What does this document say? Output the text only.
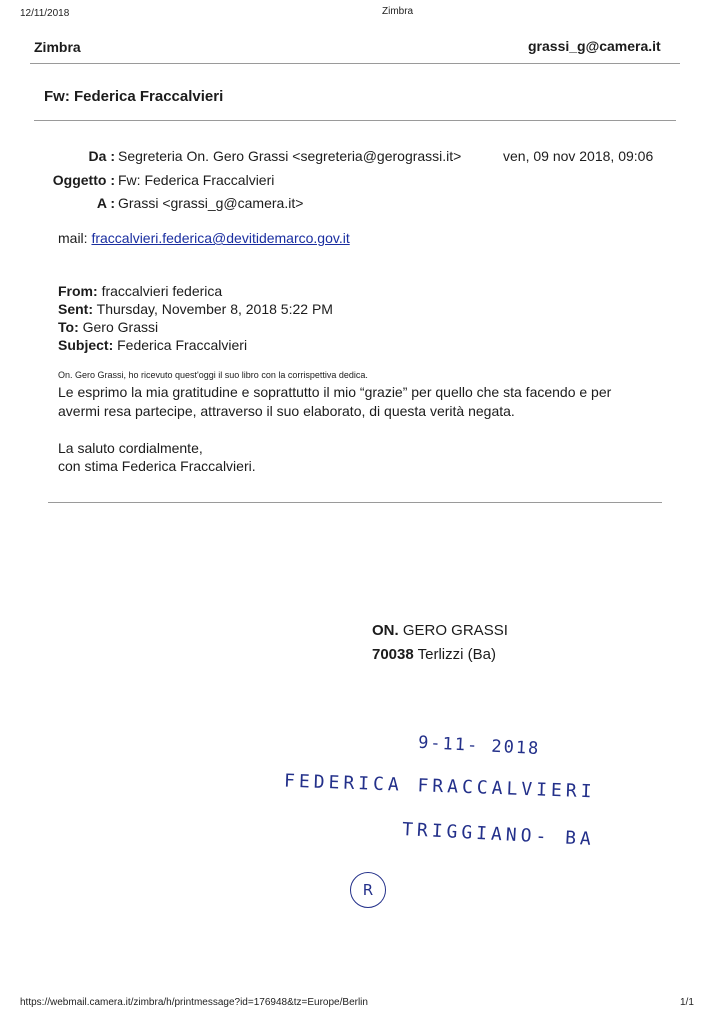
12/11/2018	Zimbra
Zimbra	grassi_g@camera.it
Fw: Federica Fraccalvieri
Da : Segreteria On. Gero Grassi <segreteria@gerograssi.it>	ven, 09 nov 2018, 09:06
Oggetto : Fw: Federica Fraccalvieri
A : Grassi <grassi_g@camera.it>
mail: fraccalvieri.federica@devitidemarco.gov.it
From: fraccalvieri federica
Sent: Thursday, November 8, 2018 5:22 PM
To: Gero Grassi
Subject: Federica Fraccalvieri
On. Gero Grassi, ho ricevuto quest'oggi il suo libro con la corrispettiva dedica.
Le esprimo la mia gratitudine e soprattutto il mio “grazie” per quello che sta facendo e per
avermi resa partecipe, attraverso il suo elaborato, di questa verità negata.
La saluto cordialmente,
con stima Federica Fraccalvieri.
ON. GERO GRASSI
70038 Terlizzi (Ba)
9-11- 2018
FEDERICA FRACCALVIERI
TRIGGIANO- BA
R
https://webmail.camera.it/zimbra/h/printmessage?id=176948&tz=Europe/Berlin	1/1
